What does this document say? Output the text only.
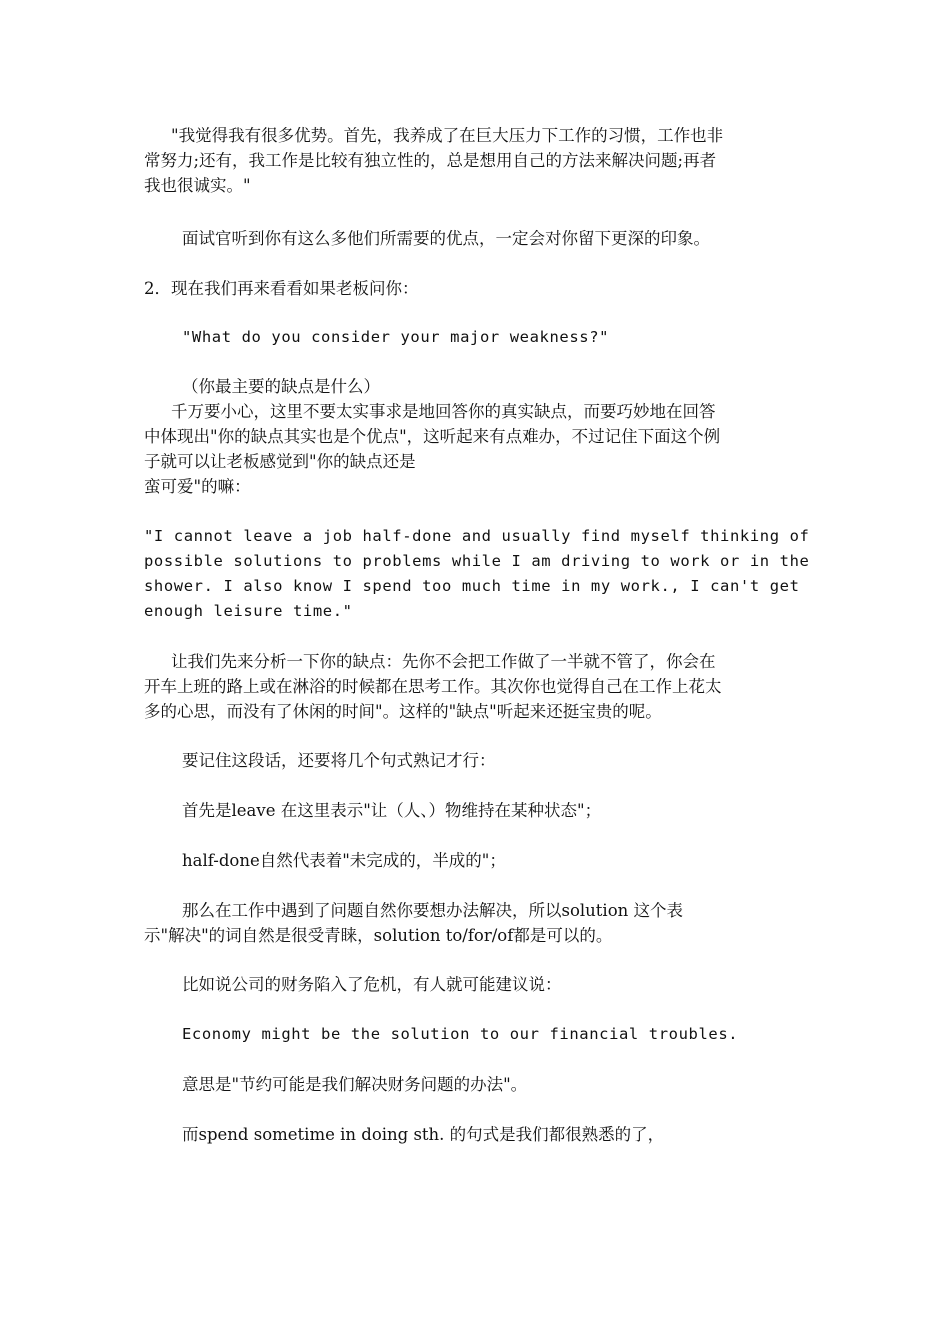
"我觉得我有很多优势。首先，我养成了在巨大压力下工作的习惯，工作也非
常努力;还有，我工作是比较有独立性的，总是想用自己的方法来解决问题;再者
我也很诚实。"
面试官听到你有这么多他们所需要的优点，一定会对你留下更深的印象。
2．现在我们再来看看如果老板问你：
"What do you consider your major weakness?"
（你最主要的缺点是什么）
千万要小心，这里不要太实事求是地回答你的真实缺点，而要巧妙地在回答
中体现出"你的缺点其实也是个优点"，这听起来有点难办，不过记住下面这个例
子就可以让老板感觉到"你的缺点还是
蛮可爱"的嘛：
"I cannot leave a job half-done and usually find myself thinking of
possible solutions to problems while I am driving to work or in the
shower. I also know I spend too much time in my work., I can't get
enough leisure time."
让我们先来分析一下你的缺点：先你不会把工作做了一半就不管了，你会在
开车上班的路上或在淋浴的时候都在思考工作。其次你也觉得自己在工作上花太
多的心思，而没有了休闲的时间"。这样的"缺点"听起来还挺宝贵的呢。
要记住这段话，还要将几个句式熟记才行：
首先是leave 在这里表示"让（人、）物维持在某种状态"；
half-done自然代表着"未完成的，半成的"；
那么在工作中遇到了问题自然你要想办法解决，所以solution 这个表
示"解决"的词自然是很受青睐，solution to/for/of都是可以的。
比如说公司的财务陷入了危机，有人就可能建议说：
Economy might be the solution to our financial troubles.
意思是"节约可能是我们解决财务问题的办法"。
而spend sometime in doing sth. 的句式是我们都很熟悉的了，
